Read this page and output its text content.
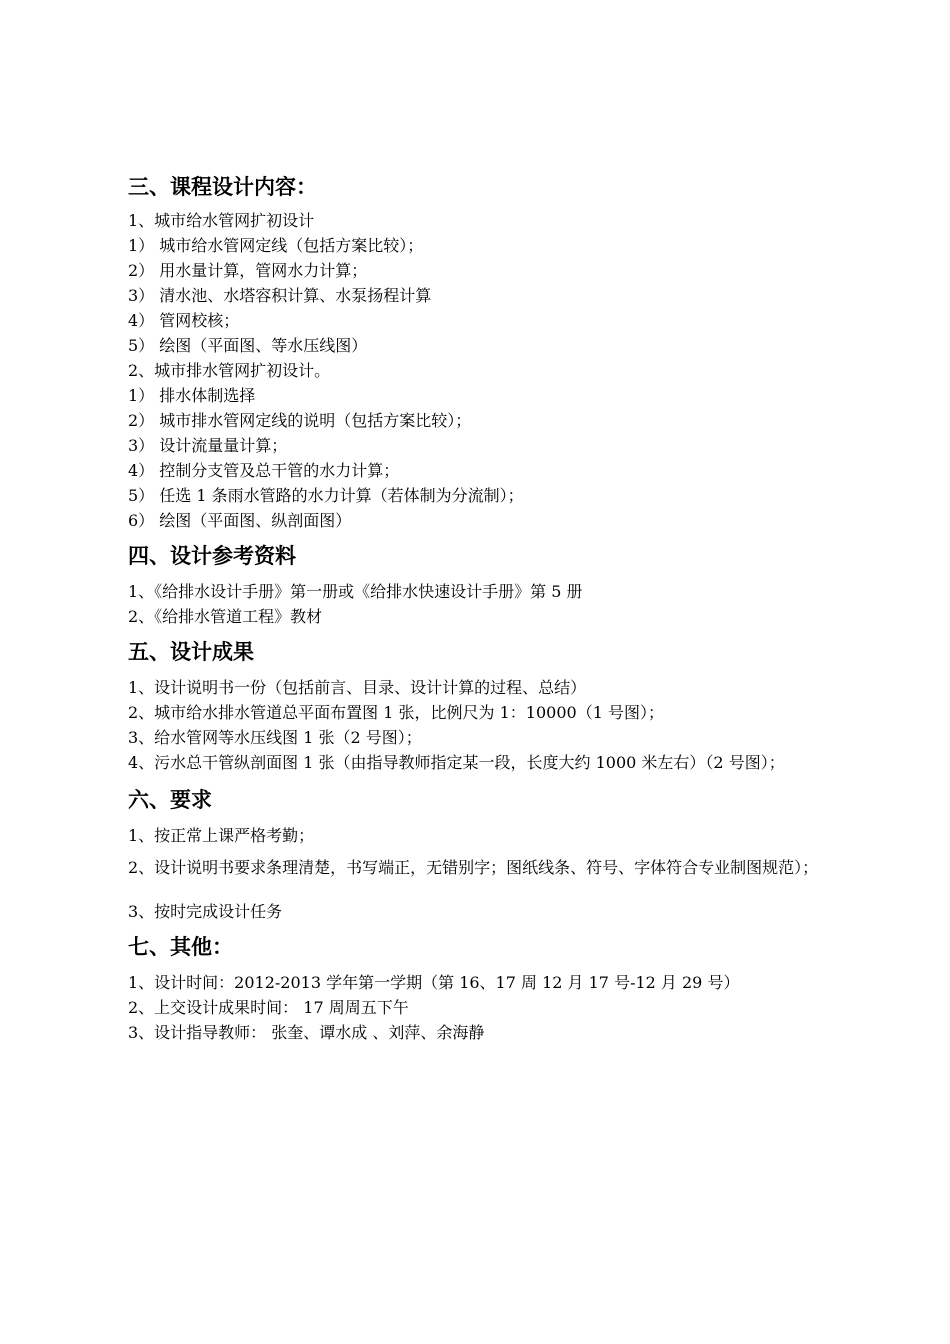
三、课程设计内容：

1、城市给水管网扩初设计

1） 城市给水管网定线（包括方案比较）；

2） 用水量计算，管网水力计算；

3） 清水池、水塔容积计算、水泵扬程计算

4） 管网校核；

5） 绘图（平面图、等水压线图）

2、城市排水管网扩初设计。

1） 排水体制选择

2） 城市排水管网定线的说明（包括方案比较）；

3） 设计流量量计算；

4） 控制分支管及总干管的水力计算；

5） 任选 1 条雨水管路的水力计算（若体制为分流制）；

6） 绘图（平面图、纵剖面图）

四、设计参考资料

1、《给排水设计手册》第一册或《给排水快速设计手册》第 5 册

2、《给排水管道工程》教材

五、设计成果

1、设计说明书一份（包括前言、目录、设计计算的过程、总结）

2、城市给水排水管道总平面布置图 1 张，比例尺为 1：10000（1 号图）；

3、给水管网等水压线图 1 张（2 号图）；

4、污水总干管纵剖面图 1 张（由指导教师指定某一段，长度大约 1000 米左右）（2 号图）；

六、要求

1、按正常上课严格考勤；

2、设计说明书要求条理清楚，书写端正，无错别字；图纸线条、符号、字体符合专业制图规范）；

3、按时完成设计任务

七、其他：

1、设计时间：2012-2013 学年第一学期（第 16、17 周 12 月 17 号-12 月 29 号）

2、上交设计成果时间： 17 周周五下午

3、设计指导教师： 张奎、谭水成 、刘萍、余海静
